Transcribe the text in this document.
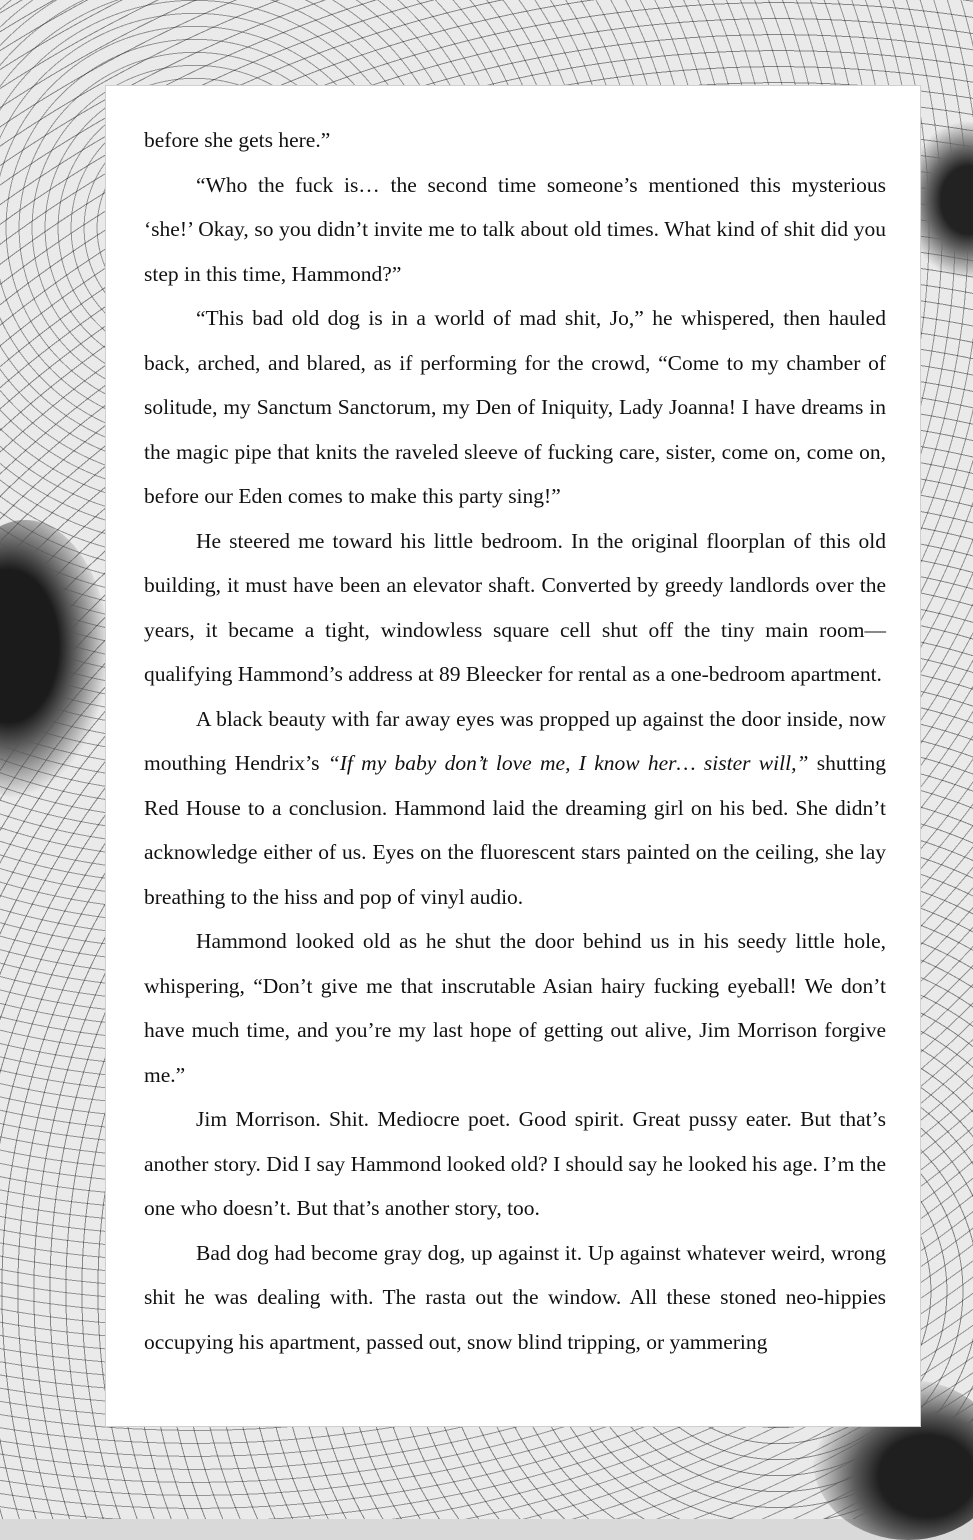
before she gets here.”

“Who the fuck is… the second time someone’s mentioned this mysterious ‘she!’ Okay, so you didn’t invite me to talk about old times. What kind of shit did you step in this time, Hammond?”

“This bad old dog is in a world of mad shit, Jo,” he whispered, then hauled back, arched, and blared, as if performing for the crowd, “Come to my chamber of solitude, my Sanctum Sanctorum, my Den of Iniquity, Lady Joanna! I have dreams in the magic pipe that knits the raveled sleeve of fucking care, sister, come on, come on, before our Eden comes to make this party sing!”

He steered me toward his little bedroom. In the original floorplan of this old building, it must have been an elevator shaft. Converted by greedy landlords over the years, it became a tight, windowless square cell shut off the tiny main room—qualifying Hammond’s address at 89 Bleecker for rental as a one-bedroom apartment.

A black beauty with far away eyes was propped up against the door inside, now mouthing Hendrix’s “If my baby don’t love me, I know her… sister will,” shutting Red House to a conclusion. Hammond laid the dreaming girl on his bed. She didn’t acknowledge either of us. Eyes on the fluorescent stars painted on the ceiling, she lay breathing to the hiss and pop of vinyl audio.

Hammond looked old as he shut the door behind us in his seedy little hole, whispering, “Don’t give me that inscrutable Asian hairy fucking eyeball! We don’t have much time, and you’re my last hope of getting out alive, Jim Morrison forgive me.”

Jim Morrison. Shit. Mediocre poet. Good spirit. Great pussy eater. But that’s another story. Did I say Hammond looked old? I should say he looked his age. I’m the one who doesn’t. But that’s another story, too.

Bad dog had become gray dog, up against it. Up against whatever weird, wrong shit he was dealing with. The rasta out the window. All these stoned neo-hippies occupying his apartment, passed out, snow blind tripping, or yammering
